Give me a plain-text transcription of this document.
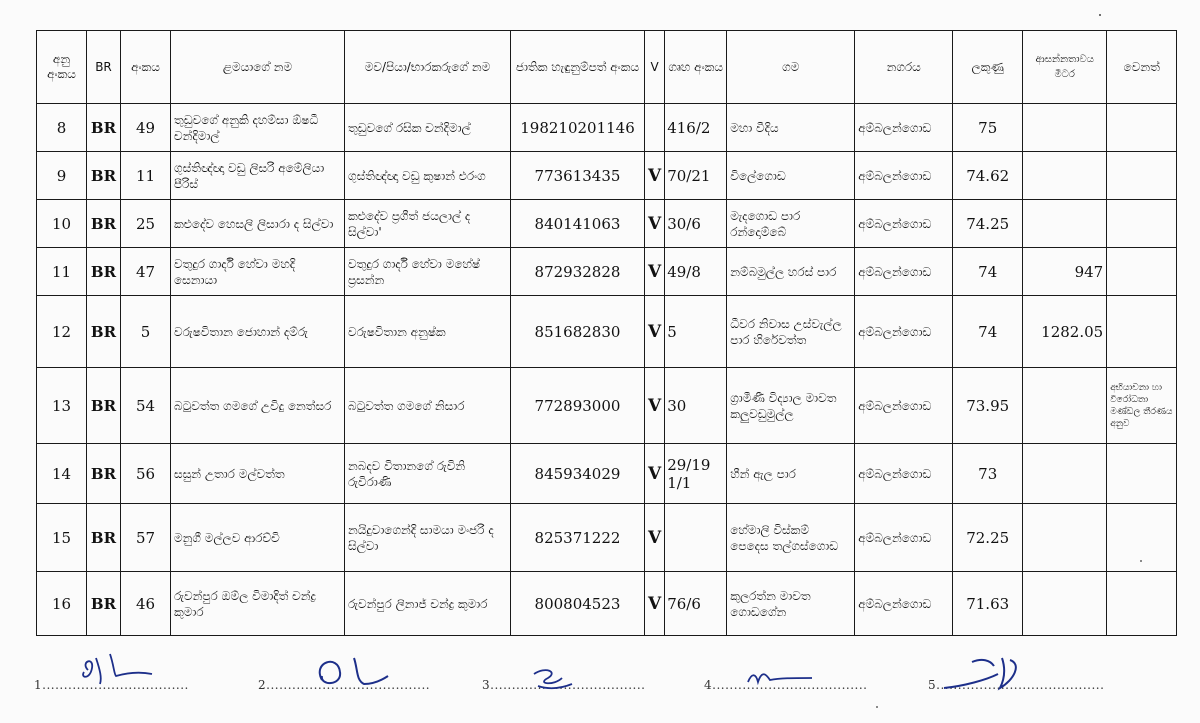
අනු අංකය	BR	අංකය	ළමයාගේ නම	මව/පියා/භාරකරුගේ නම	ජාතික හැඳුනුම්පත් අංකය	V	ගෘහ අංකය	ගම	නගරය	ලකුණු	ආසන්නතාවය මීටර	වෙනත්
8	BR	49	තුඩුවගේ අනුකි දහම්සා ඕෂධී චන්දිමාල්	තුඩුවගේ රසික චන්දිමාල්	198210201146		416/2	මහා වීදිය	අම්බලන්ගොඩ	75		
9	BR	11	ගුස්තිඥ්ඥා වඩු ලිසරි අමේලියා පීරිස්	ගුස්තිඥ්ඥා වඩු කුෂාන් එරංග	773613435	V	70/21	විලේගොඩ	අම්බලන්ගොඩ	74.62		
10	BR	25	කළුදේව හෙසලි ලිසාරා ද සිල්වා	කළුදේව ප්‍රගීත් ජයලාල් ද සිල්වා'	840141063	V	30/6	මැදගොඩ පාර රන්දොම්බේ	අම්බලන්ගොඩ	74.25		
11	BR	47	වතුදුර ගාර්දි හේවා මහදි සෙනායා	වතුදුර ගාර්දි හේවා මහේෂ් ප්‍රසන්න	872932828	V	49/8	නම්බමුල්ල හරස් පාර	අම්බලන්ගොඩ	74	947	
12	BR	5	වරුෂවිතාන ජොහාන් දම්රු	වරුෂවිතාන අනුෂ්ක	851682830	V	5	ධීවර නිවාස උස්වැල්ල පාර හිරේවත්ත	අම්බලන්ගොඩ	74	1282.05	
13	BR	54	බටුවත්ත ගමගේ උවිදු නෙත්සර	බටුවත්ත ගමගේ නිසාර	772893000	V	30	ග්‍රාමීණී විද්‍යාල මාවත කලුවඩුමුල්ල	අම්බලන්ගොඩ	73.95		අභියාචනා හා විරෝධතා මණ්ඩල තීරණය අනුව
14	BR	56	සසුන් උතාර මල්වත්ත	නබදව විතානගේ රුවිනි රුවිරාණි	845934029	V	29/19 1/1	හීන් ඇල පාර	අම්බලන්ගොඩ	73		
15	BR	57	මනුගී මල්ලව ආරච්චි	නයිදුවාගෙන්දි සාමයා මංජරි ද සිල්වා	825371222	V		හේමාලි විස්කම් පෙදෙස තල්ගස්ගොඩ	අම්බලන්ගොඩ	72.25		
16	BR	46	රුවන්පුර ඔම්ල විමාදිත් චන්ද්‍ර කුමාර	රුවන්පුර ලිනාජ් චන්ද්‍ර කුමාර	800804523	V	76/6	කුලරත්න මාවත ගොඩගේන	අම්බලන්ගොඩ	71.63		
1..................................	2......................................	3....................................	4....................................	5.......................................
